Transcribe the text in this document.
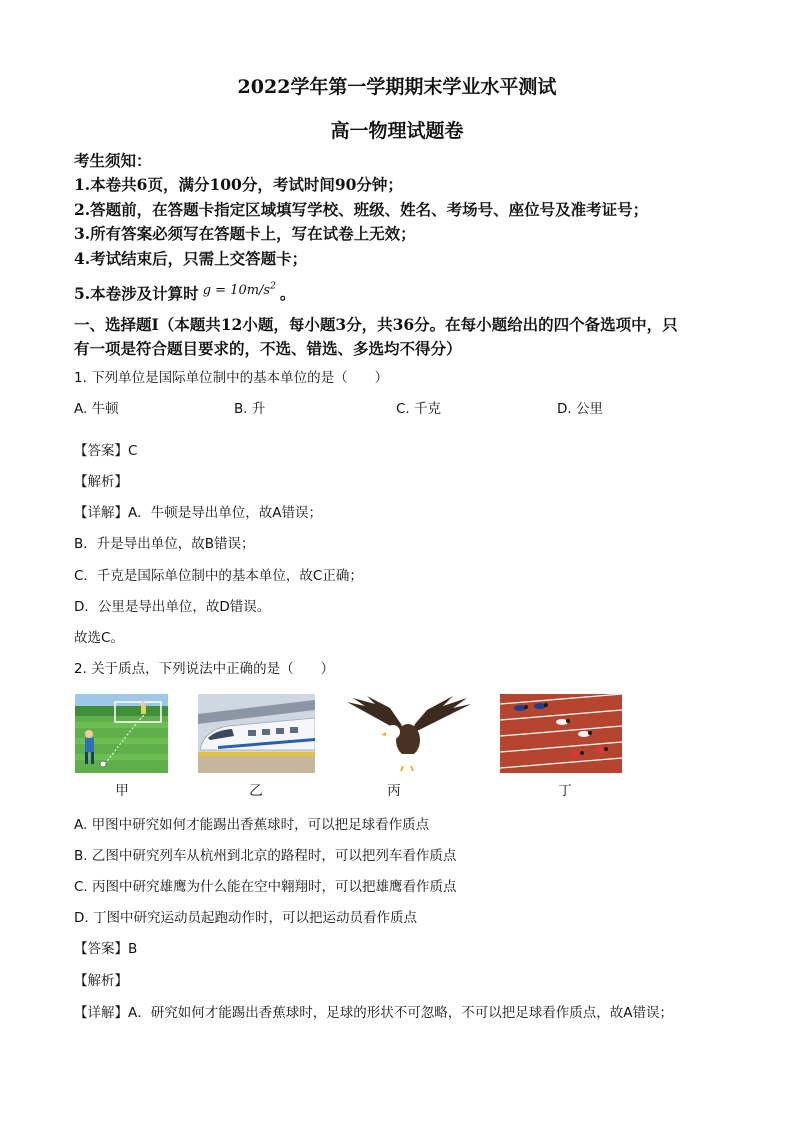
2022学年第一学期期末学业水平测试
高一物理试题卷
考生须知：
1.本卷共6页，满分100分，考试时间90分钟；
2.答题前，在答题卡指定区域填写学校、班级、姓名、考场号、座位号及准考证号；
3.所有答案必须写在答题卡上，写在试卷上无效；
4.考试结束后，只需上交答题卡；
5.本卷涉及计算时 $^{g = 10m/s^2}$ 。
一、选择题Ⅰ（本题共12小题，每小题3分，共36分。在每小题给出的四个备选项中，只
有一项是符合题目要求的，不选、错选、多选均不得分）
1. 下列单位是国际单位制中的基本单位的是（　　）
A. 牛顿	B. 升	C. 千克	D. 公里
【答案】C
【解析】
【详解】A．牛顿是导出单位，故A错误；
B．升是导出单位，故B错误；
C．千克是国际单位制中的基本单位，故C正确；
D．公里是导出单位，故D错误。
故选C。
2. 关于质点，下列说法中正确的是（　　）
甲	乙	丙	丁
A. 甲图中研究如何才能踢出香蕉球时，可以把足球看作质点
B. 乙图中研究列车从杭州到北京的路程时，可以把列车看作质点
C. 丙图中研究雄鹰为什么能在空中翱翔时，可以把雄鹰看作质点
D. 丁图中研究运动员起跑动作时，可以把运动员看作质点
【答案】B
【解析】
【详解】A．研究如何才能踢出香蕉球时，足球的形状不可忽略，不可以把足球看作质点，故A错误；
